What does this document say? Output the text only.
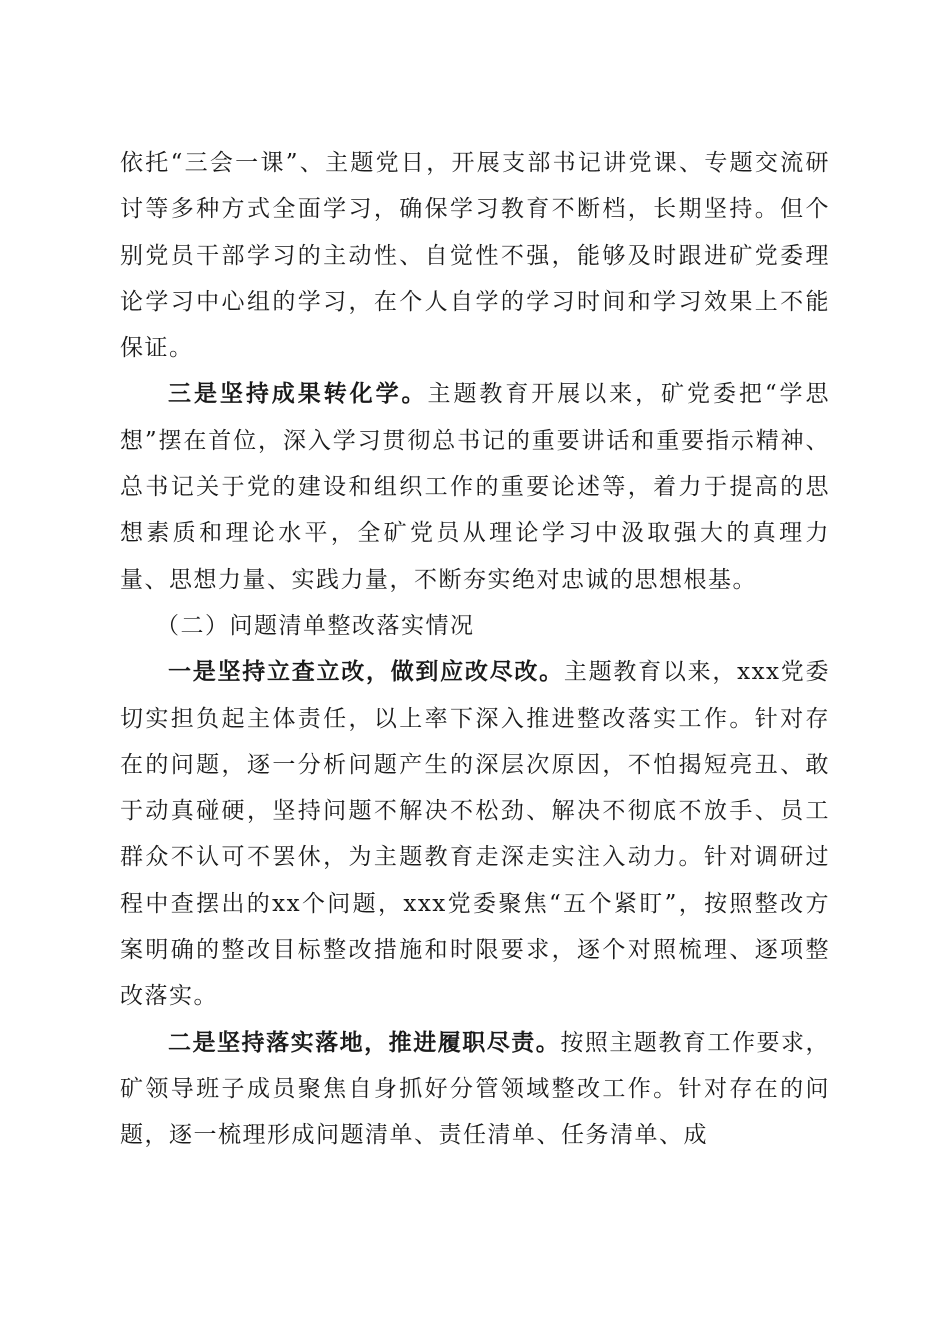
依托“三会一课”、主题党日，开展支部书记讲党课、专题交流研讨等多种方式全面学习，确保学习教育不断档，长期坚持。但个别党员干部学习的主动性、自觉性不强，能够及时跟进矿党委理论学习中心组的学习，在个人自学的学习时间和学习效果上不能保证。

三是坚持成果转化学。主题教育开展以来，矿党委把“学思想”摆在首位，深入学习贯彻总书记的重要讲话和重要指示精神、总书记关于党的建设和组织工作的重要论述等，着力于提高的思想素质和理论水平，全矿党员从理论学习中汲取强大的真理力量、思想力量、实践力量，不断夯实绝对忠诚的思想根基。

（二）问题清单整改落实情况

一是坚持立查立改，做到应改尽改。主题教育以来，xxx党委切实担负起主体责任，以上率下深入推进整改落实工作。针对存在的问题，逐一分析问题产生的深层次原因，不怕揭短亮丑、敢于动真碰硬，坚持问题不解决不松劲、解决不彻底不放手、员工群众不认可不罢休，为主题教育走深走实注入动力。针对调研过程中查摆出的xx个问题，xxx党委聚焦“五个紧盯”，按照整改方案明确的整改目标整改措施和时限要求，逐个对照梳理、逐项整改落实。

二是坚持落实落地，推进履职尽责。按照主题教育工作要求，矿领导班子成员聚焦自身抓好分管领域整改工作。针对存在的问题，逐一梳理形成问题清单、责任清单、任务清单、成
